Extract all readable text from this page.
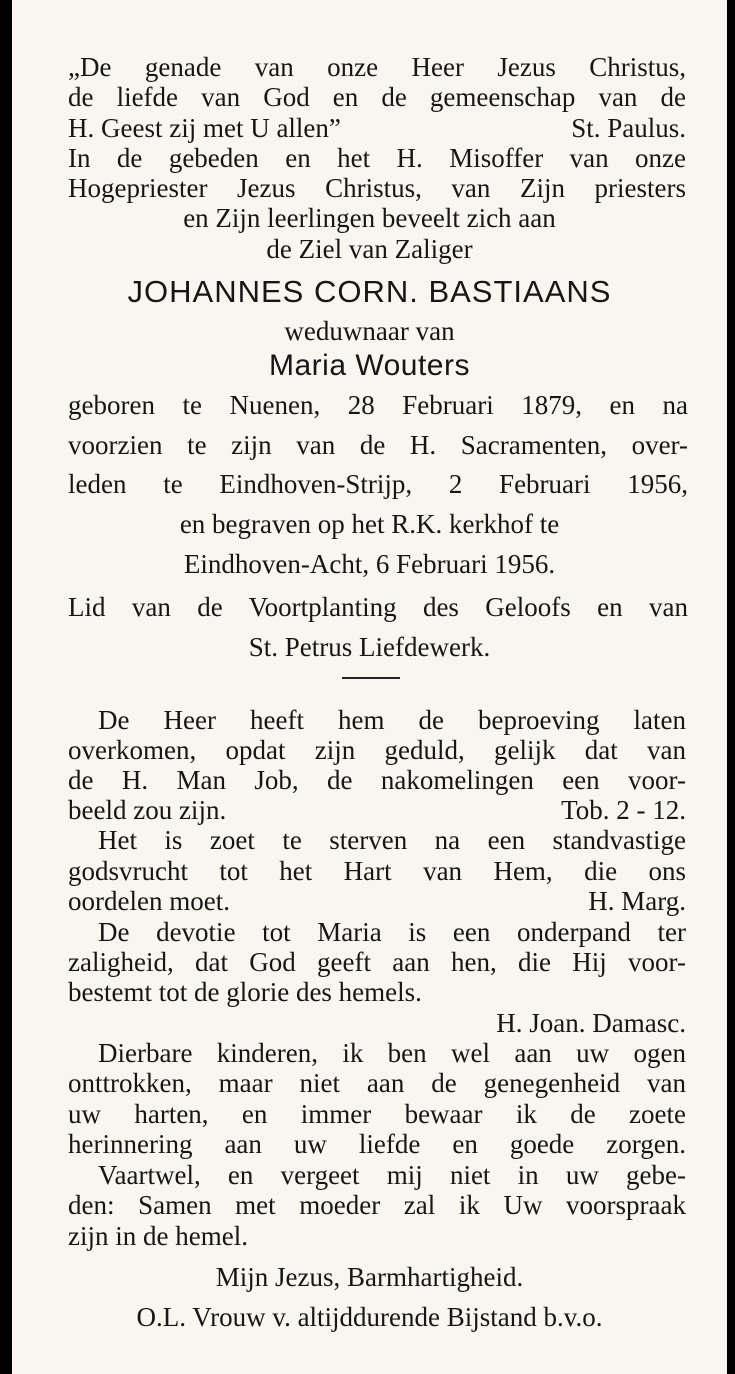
„De genade van onze Heer Jezus Christus,
de liefde van God en de gemeenschap van de
H. Geest zij met U allen”	St. Paulus.
In de gebeden en het H. Misoffer van onze
Hogepriester Jezus Christus, van Zijn priesters
en Zijn leerlingen beveelt zich aan
de Ziel van Zaliger
JOHANNES CORN. BASTIAANS
weduwnaar van
Maria Wouters
geboren te Nuenen, 28 Februari 1879, en na
voorzien te zijn van de H. Sacramenten, over-
leden te Eindhoven-Strijp, 2 Februari 1956,
en begraven op het R.K. kerkhof te
Eindhoven-Acht, 6 Februari 1956.
Lid van de Voortplanting des Geloofs en van
St. Petrus Liefdewerk.
De Heer heeft hem de beproeving laten
overkomen, opdat zijn geduld, gelijk dat van
de H. Man Job, de nakomelingen een voor-
beeld zou zijn.	Tob. 2 - 12.
Het is zoet te sterven na een standvastige
godsvrucht tot het Hart van Hem, die ons
oordelen moet.	H. Marg.
De devotie tot Maria is een onderpand ter
zaligheid, dat God geeft aan hen, die Hij voor-
bestemt tot de glorie des hemels.
H. Joan. Damasc.
Dierbare kinderen, ik ben wel aan uw ogen
onttrokken, maar niet aan de genegenheid van
uw harten, en immer bewaar ik de zoete
herinnering aan uw liefde en goede zorgen.
Vaartwel, en vergeet mij niet in uw gebe-
den: Samen met moeder zal ik Uw voorspraak
zijn in de hemel.
Mijn Jezus, Barmhartigheid.
O.L. Vrouw v. altijddurende Bijstand b.v.o.
